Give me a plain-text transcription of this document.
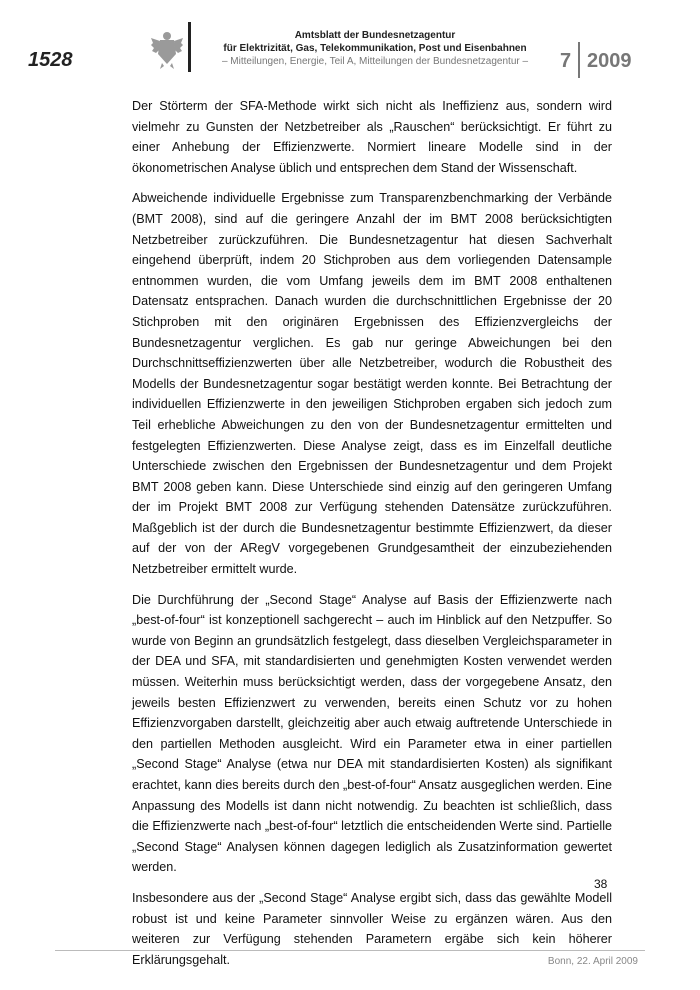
1528
Amtsblatt der Bundesnetzagentur
für Elektrizität, Gas, Telekommunikation, Post und Eisenbahnen
– Mitteilungen, Energie, Teil A, Mitteilungen der Bundesnetzagentur –	7 2009

Der Störterm der SFA-Methode wirkt sich nicht als Ineffizienz aus, sondern wird vielmehr zu Gunsten der Netzbetreiber als „Rauschen“ berücksichtigt. Er führt zu einer Anhebung der Effizienzwerte. Normiert lineare Modelle sind in der ökonometrischen Analyse üblich und entsprechen dem Stand der Wissenschaft.

Abweichende individuelle Ergebnisse zum Transparenzbenchmarking der Verbände (BMT 2008), sind auf die geringere Anzahl der im BMT 2008 berücksichtigten Netzbetreiber zurückzuführen. Die Bundesnetzagentur hat diesen Sachverhalt eingehend überprüft, indem 20 Stichproben aus dem vorliegenden Datensample entnommen wurden, die vom Umfang jeweils dem im BMT 2008 enthaltenen Datensatz entsprachen. Danach wurden die durchschnittlichen Ergebnisse der 20 Stichproben mit den originären Ergebnissen des Effizienzvergleichs der Bundesnetzagentur verglichen. Es gab nur geringe Abweichungen bei den Durchschnittseffizienzwerten über alle Netzbetreiber, wodurch die Robustheit des Modells der Bundesnetzagentur sogar bestätigt werden konnte. Bei Betrachtung der individuellen Effizienzwerte in den jeweiligen Stichproben ergaben sich jedoch zum Teil erhebliche Abweichungen zu den von der Bundesnetzagentur ermittelten und festgelegten Effizienzwerten. Diese Analyse zeigt, dass es im Einzelfall deutliche Unterschiede zwischen den Ergebnissen der Bundesnetzagentur und dem Projekt BMT 2008 geben kann. Diese Unterschiede sind einzig auf den geringeren Umfang der im Projekt BMT 2008 zur Verfügung stehenden Datensätze zurückzuführen. Maßgeblich ist der durch die Bundesnetzagentur bestimmte Effizienzwert, da dieser auf der von der ARegV vorgegebenen Grundgesamtheit der einzubeziehenden Netzbetreiber ermittelt wurde.

Die Durchführung der „Second Stage“ Analyse auf Basis der Effizienzwerte nach „best-of-four“ ist konzeptionell sachgerecht – auch im Hinblick auf den Netzpuffer. So wurde von Beginn an grundsätzlich festgelegt, dass dieselben Vergleichsparameter in der DEA und SFA, mit standardisierten und genehmigten Kosten verwendet werden müssen. Weiterhin muss berücksichtigt werden, dass der vorgegebene Ansatz, den jeweils besten Effizienzwert zu verwenden, bereits einen Schutz vor zu hohen Effizienzvorgaben darstellt, gleichzeitig aber auch etwaig auftretende Unterschiede in den partiellen Methoden ausgleicht. Wird ein Parameter etwa in einer partiellen „Second Stage“ Analyse (etwa nur DEA mit standardisierten Kosten) als signifikant erachtet, kann dies bereits durch den „best-of-four“ Ansatz ausgeglichen werden. Eine Anpassung des Modells ist dann nicht notwendig. Zu beachten ist schließlich, dass die Effizienzwerte nach „best-of-four“ letztlich die entscheidenden Werte sind. Partielle „Second Stage“ Analysen können dagegen lediglich als Zusatzinformation gewertet werden.

Insbesondere aus der „Second Stage“ Analyse ergibt sich, dass das gewählte Modell robust ist und keine Parameter sinnvoller Weise zu ergänzen wären. Aus den weiteren zur Verfügung stehenden Parametern ergäbe sich kein höherer Erklärungsgehalt.

38
Bonn, 22. April 2009
